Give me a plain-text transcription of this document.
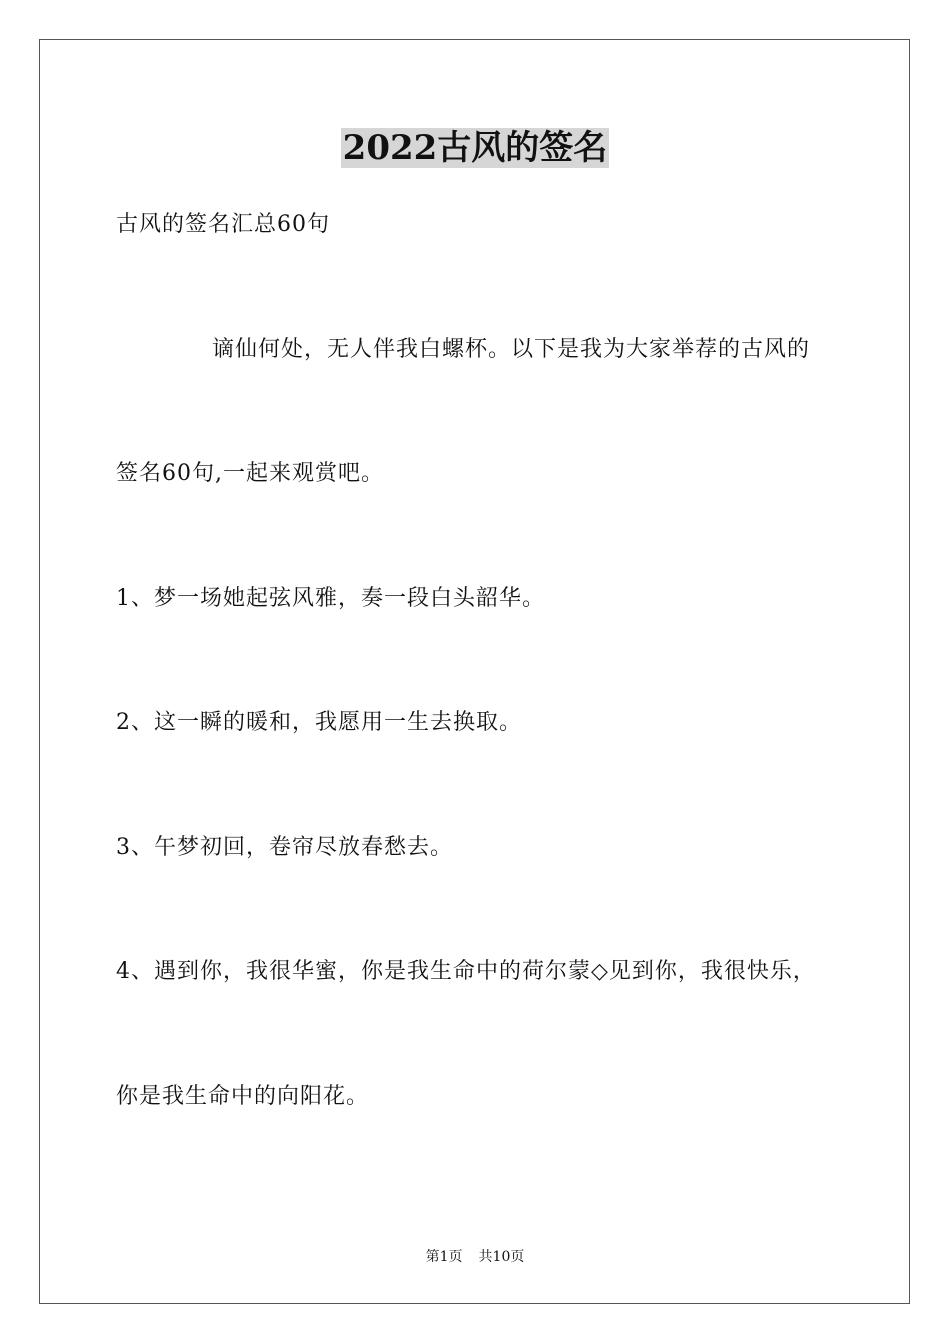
2022古风的签名
古风的签名汇总60句
谪仙何处，无人伴我白螺杯。以下是我为大家举荐的古风的
签名60句,一起来观赏吧。
1、梦一场她起弦风雅，奏一段白头韶华。
2、这一瞬的暖和，我愿用一生去换取。
3、午梦初回，卷帘尽放春愁去。
4、遇到你，我很华蜜，你是我生命中的荷尔蒙◇见到你，我很快乐，
你是我生命中的向阳花。
第1页 共10页
